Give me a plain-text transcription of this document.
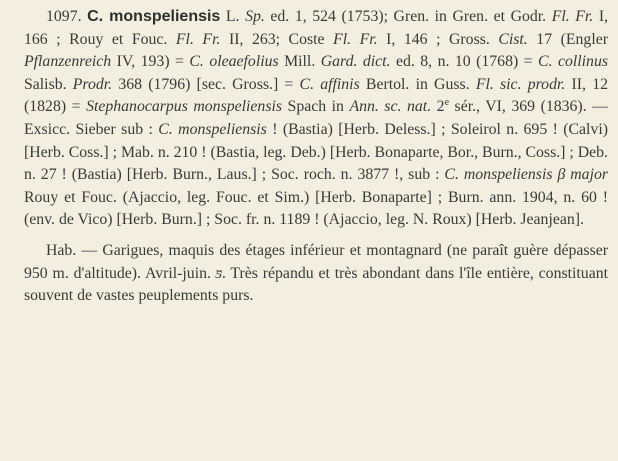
1097. C. monspeliensis L. Sp. ed. 1, 524 (1753); Gren. in Gren. et Godr. Fl. Fr. I, 166 ; Rouy et Fouc. Fl. Fr. II, 263; Coste Fl. Fr. I, 146 ; Gross. Cist. 17 (Engler Pflanzenreich IV, 193) = C. oleaefolius Mill. Gard. dict. ed. 8, n. 10 (1768) = C. collinus Salisb. Prodr. 368 (1796) [sec. Gross.] = C. affinis Bertol. in Guss. Fl. sic. prodr. II, 12 (1828) = Stephanocarpus monspeliensis Spach in Ann. sc. nat. 2e sér., VI, 369 (1836). — Exsicc. Sieber sub : C. monspeliensis ! (Bastia) [Herb. Deless.] ; Soleirol n. 695 ! (Calvi) [Herb. Coss.] ; Mab. n. 210 ! (Bastia, leg. Deb.) [Herb. Bonaparte, Bor., Burn., Coss.] ; Deb. n. 27 ! (Bastia) [Herb. Burn., Laus.] ; Soc. roch. n. 3877 !, sub : C. monspeliensis β major Rouy et Fouc. (Ajaccio, leg. Fouc. et Sim.) [Herb. Bonaparte] ; Burn. ann. 1904, n. 60 ! (env. de Vico) [Herb. Burn.] ; Soc. fr. n. 1189 ! (Ajaccio, leg. N. Roux) [Herb. Jeanjean].

Hab. — Garigues, maquis des étages inférieur et montagnard (ne paraît guère dépasser 950 m. d'altitude). Avril-juin. ƽ. Très répandu et très abondant dans l'île entière, constituant souvent de vastes peuplements purs.
